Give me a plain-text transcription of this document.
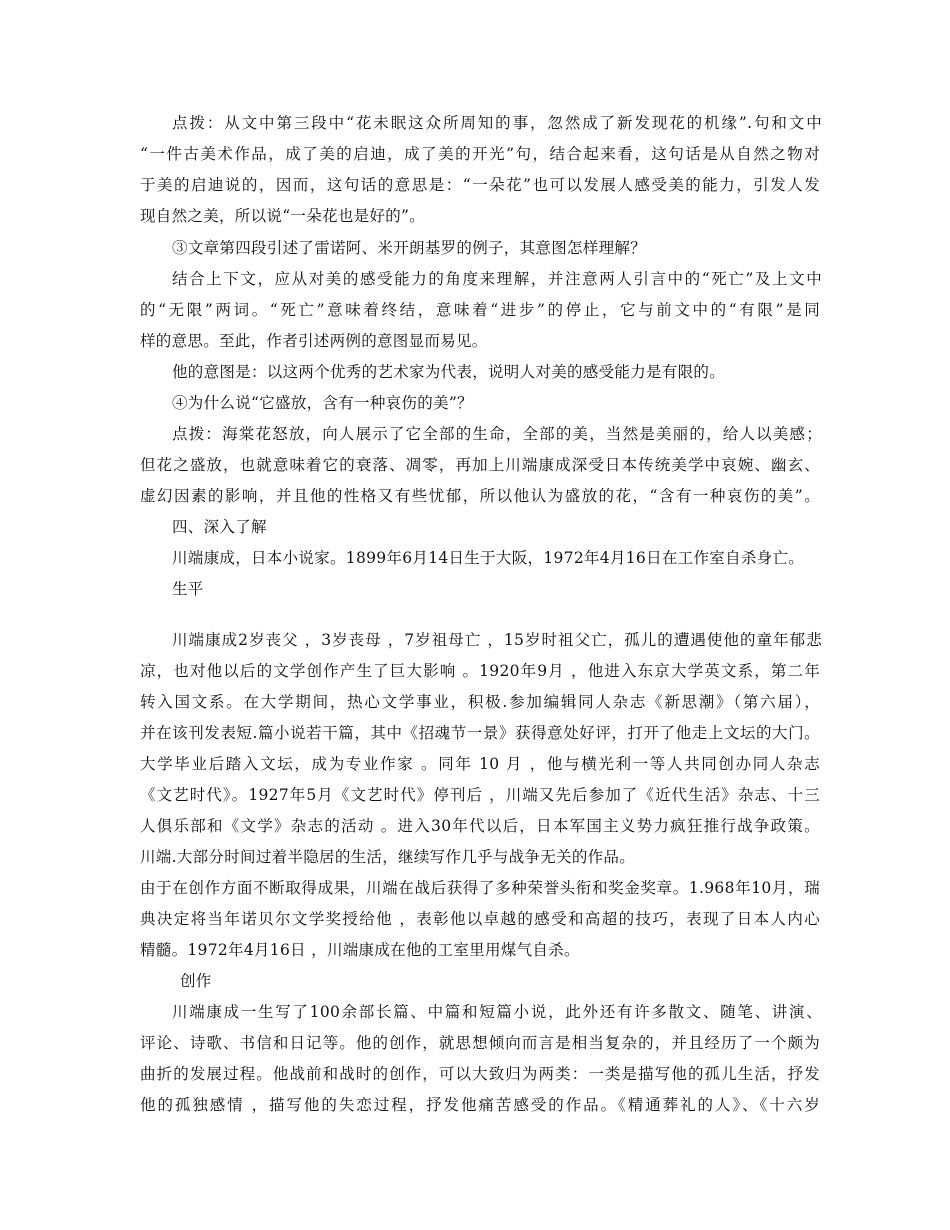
点拨：从文中第三段中“花未眠这众所周知的事，忽然成了新发现花的机缘”.句和文中
“一件古美术作品，成了美的启迪，成了美的开光”句，结合起来看，这句话是从自然之物对
于美的启迪说的，因而，这句话的意思是：“一朵花”也可以发展人感受美的能力，引发人发
现自然之美，所以说“一朵花也是好的”。
③文章第四段引述了雷诺阿、米开朗基罗的例子，其意图怎样理解？
结合上下文，应从对美的感受能力的角度来理解，并注意两人引言中的“死亡”及上文中
的“无限”两词。“死亡”意味着终结，意味着“进步”的停止，它与前文中的“有限”是同
样的意思。至此，作者引述两例的意图显而易见。
他的意图是：以这两个优秀的艺术家为代表，说明人对美的感受能力是有限的。
④为什么说“它盛放，含有一种哀伤的美”？
点拨：海棠花怒放，向人展示了它全部的生命，全部的美，当然是美丽的，给人以美感；
但花之盛放，也就意味着它的衰落、凋零，再加上川端康成深受日本传统美学中哀婉、幽玄、
虚幻因素的影响，并且他的性格又有些忧郁，所以他认为盛放的花，“含有一种哀伤的美”。
四、深入了解
川端康成，日本小说家。1899年6月14日生于大阪，1972年4月16日在工作室自杀身亡。
生平
川端康成2岁丧父 ，3岁丧母 ，7岁祖母亡 ，15岁时祖父亡，孤儿的遭遇使他的童年郁悲
凉，也对他以后的文学创作产生了巨大影响 。1920年9月 ，他进入东京大学英文系，第二年
转入国文系。在大学期间，热心文学事业，积极.参加编辑同人杂志《新思潮》（第六届），
并在该刊发表短.篇小说若干篇，其中《招魂节一景》获得意处好评，打开了他走上文坛的大门。
大学毕业后踏入文坛，成为专业作家 。同年 10 月 ，他与横光利一等人共同创办同人杂志
《文艺时代》。1927年5月《文艺时代》停刊后 ，川端又先后参加了《近代生活》杂志、十三
人俱乐部和《文学》杂志的活动 。进入30年代以后，日本军国主义势力疯狂推行战争政策。
川端.大部分时间过着半隐居的生活，继续写作几乎与战争无关的作品。
由于在创作方面不断取得成果，川端在战后获得了多种荣誉头衔和奖金奖章。1.968年10月，瑞
典决定将当年诺贝尔文学奖授给他 ，表彰他以卓越的感受和高超的技巧，表现了日本人内心
精髓。1972年4月16日 ，川端康成在他的工室里用煤气自杀。
创作
川端康成一生写了100余部长篇、中篇和短篇小说，此外还有许多散文、随笔、讲演、
评论、诗歌、书信和日记等。他的创作，就思想倾向而言是相当复杂的，并且经历了一个颇为
曲折的发展过程。他战前和战时的创作，可以大致归为两类：一类是描写他的孤儿生活，抒发
他的孤独感情 ，描写他的失恋过程，抒发他痛苦感受的作品。《精通葬礼的人》、《十六岁
